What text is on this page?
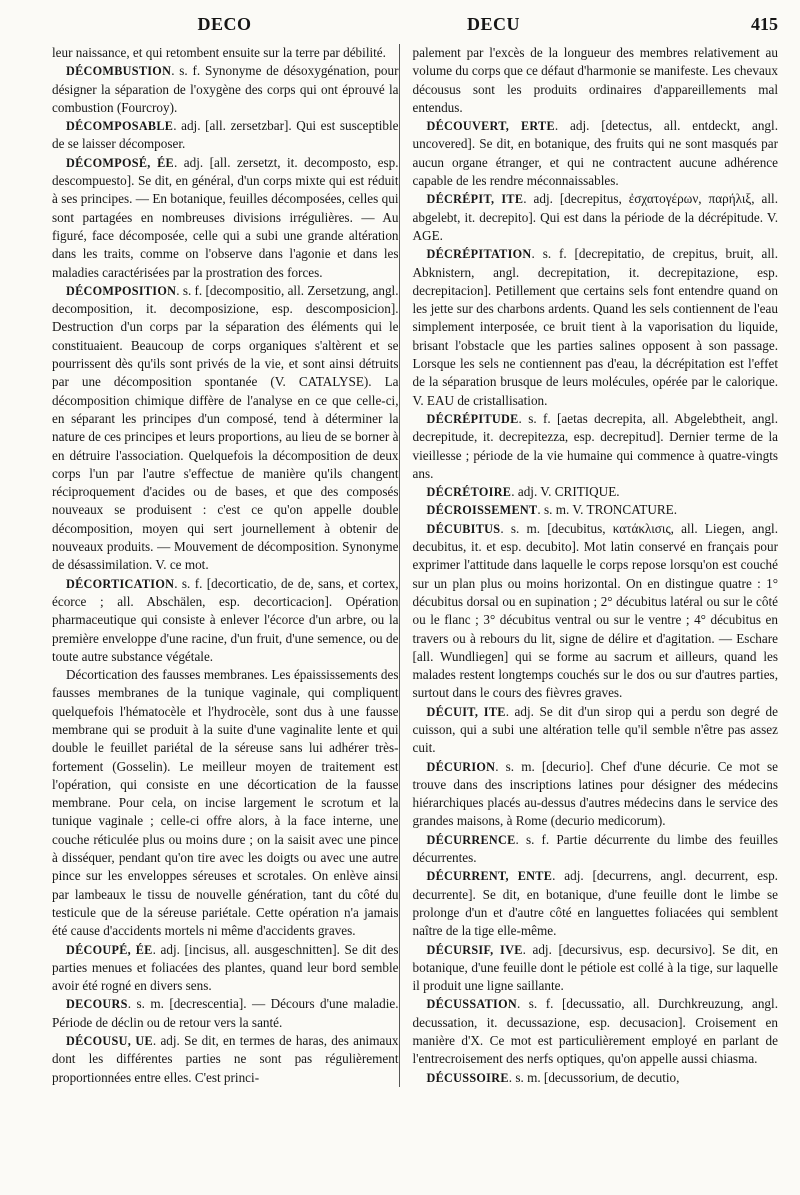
DECO	DECU	415

leur naissance, et qui retombent ensuite sur la terre par débilité.

DÉCOMBUSTION. s. f. Synonyme de désoxygénation, pour désigner la séparation de l'oxygène des corps qui ont éprouvé la combustion (Fourcroy).

DÉCOMPOSABLE. adj. [all. zersetzbar]. Qui est susceptible de se laisser décomposer.

DÉCOMPOSÉ, ÉE. adj. [all. zersetzt, it. decomposto, esp. descompuesto]. Se dit, en général, d'un corps mixte qui est réduit à ses principes. — En botanique, feuilles décomposées, celles qui sont partagées en nombreuses divisions irrégulières. — Au figuré, face décomposée, celle qui a subi une grande altération dans les traits, comme on l'observe dans l'agonie et dans les maladies caractérisées par la prostration des forces.

DÉCOMPOSITION. s. f. [decompositio, all. Zersetzung, angl. decomposition, it. decomposizione, esp. descomposicion]. Destruction d'un corps par la séparation des éléments qui le constituaient. Beaucoup de corps organiques s'altèrent et se pourrissent dès qu'ils sont privés de la vie, et sont ainsi détruits par une décomposition spontanée (V. CATALYSE). La décomposition chimique diffère de l'analyse en ce que celle-ci, en séparant les principes d'un composé, tend à déterminer la nature de ces principes et leurs proportions, au lieu de se borner à en détruire l'association. Quelquefois la décomposition de deux corps l'un par l'autre s'effectue de manière qu'ils changent réciproquement d'acides ou de bases, et que des composés nouveaux se produisent : c'est ce qu'on appelle double décomposition, moyen qui sert journellement à obtenir de nouveaux produits. — Mouvement de décomposition. Synonyme de désassimilation. V. ce mot.

DÉCORTICATION. s. f. [decorticatio, de de, sans, et cortex, écorce ; all. Abschälen, esp. decorticacion]. Opération pharmaceutique qui consiste à enlever l'écorce d'un arbre, ou la première enveloppe d'une racine, d'un fruit, d'une semence, ou de toute autre substance végétale.

Décortication des fausses membranes. Les épaississements des fausses membranes de la tunique vaginale, qui compliquent quelquefois l'hématocèle et l'hydrocèle, sont dus à une fausse membrane qui se produit à la suite d'une vaginalite lente et qui double le feuillet pariétal de la séreuse sans lui adhérer très-fortement (Gosselin). Le meilleur moyen de traitement est l'opération, qui consiste en une décortication de la fausse membrane. Pour cela, on incise largement le scrotum et la tunique vaginale ; celle-ci offre alors, à la face interne, une couche réticulée plus ou moins dure ; on la saisit avec une pince à disséquer, pendant qu'on tire avec les doigts ou avec une autre pince sur les enveloppes séreuses et scrotales. On enlève ainsi par lambeaux le tissu de nouvelle génération, tant du côté du testicule que de la séreuse pariétale. Cette opération n'a jamais été cause d'accidents mortels ni même d'accidents graves.

DÉCOUPÉ, ÉE. adj. [incisus, all. ausgeschnitten]. Se dit des parties menues et foliacées des plantes, quand leur bord semble avoir été rogné en divers sens.

DECOURS. s. m. [decrescentia]. — Décours d'une maladie. Période de déclin ou de retour vers la santé.

DÉCOUSU, UE. adj. Se dit, en termes de haras, des animaux dont les différentes parties ne sont pas régulièrement proportionnées entre elles. C'est princi-

palement par l'excès de la longueur des membres relativement au volume du corps que ce défaut d'harmonie se manifeste. Les chevaux décousus sont les produits ordinaires d'appareillements mal entendus.

DÉCOUVERT, ERTE. adj. [detectus, all. entdeckt, angl. uncovered]. Se dit, en botanique, des fruits qui ne sont masqués par aucun organe étranger, et qui ne contractent aucune adhérence capable de les rendre méconnaissables.

DÉCRÉPIT, ITE. adj. [decrepitus, ἐσχατογέρων, παρήλιξ, all. abgelebt, it. decrepito]. Qui est dans la période de la décrépitude. V. AGE.

DÉCRÉPITATION. s. f. [decrepitatio, de crepitus, bruit, all. Abknistern, angl. decrepitation, it. decrepitazione, esp. decrepitacion]. Petillement que certains sels font entendre quand on les jette sur des charbons ardents. Quand les sels contiennent de l'eau simplement interposée, ce bruit tient à la vaporisation du liquide, brisant l'obstacle que les parties salines opposent à son passage. Lorsque les sels ne contiennent pas d'eau, la décrépitation est l'effet de la séparation brusque de leurs molécules, opérée par le calorique. V. EAU de cristallisation.

DÉCRÉPITUDE. s. f. [aetas decrepita, all. Abgelebtheit, angl. decrepitude, it. decrepitezza, esp. decrepitud]. Dernier terme de la vieillesse ; période de la vie humaine qui commence à quatre-vingts ans.

DÉCRÉTOIRE. adj. V. CRITIQUE.

DÉCROISSEMENT. s. m. V. TRONCATURE.

DÉCUBITUS. s. m. [decubitus, κατάκλισις, all. Liegen, angl. decubitus, it. et esp. decubito]. Mot latin conservé en français pour exprimer l'attitude dans laquelle le corps repose lorsqu'on est couché sur un plan plus ou moins horizontal. On en distingue quatre : 1° décubitus dorsal ou en supination ; 2° décubitus latéral ou sur le côté ou le flanc ; 3° décubitus ventral ou sur le ventre ; 4° décubitus en travers ou à rebours du lit, signe de délire et d'agitation. — Eschare [all. Wundliegen] qui se forme au sacrum et ailleurs, quand les malades restent longtemps couchés sur le dos ou sur d'autres parties, surtout dans le cours des fièvres graves.

DÉCUIT, ITE. adj. Se dit d'un sirop qui a perdu son degré de cuisson, qui a subi une altération telle qu'il semble n'être pas assez cuit.

DÉCURION. s. m. [decurio]. Chef d'une décurie. Ce mot se trouve dans des inscriptions latines pour désigner des médecins hiérarchiques placés au-dessus d'autres médecins dans le service des grandes maisons, à Rome (decurio medicorum).

DÉCURRENCE. s. f. Partie décurrente du limbe des feuilles décurrentes.

DÉCURRENT, ENTE. adj. [decurrens, angl. decurrent, esp. decurrente]. Se dit, en botanique, d'une feuille dont le limbe se prolonge d'un et d'autre côté en languettes foliacées qui semblent naître de la tige elle-même.

DÉCURSIF, IVE. adj. [decursivus, esp. decursivo]. Se dit, en botanique, d'une feuille dont le pétiole est collé à la tige, sur laquelle il produit une ligne saillante.

DÉCUSSATION. s. f. [decussatio, all. Durchkreuzung, angl. decussation, it. decussazione, esp. decusacion]. Croisement en manière d'X. Ce mot est particulièrement employé en parlant de l'entrecroisement des nerfs optiques, qu'on appelle aussi chiasma.

DÉCUSSOIRE. s. m. [decussorium, de decutio,
